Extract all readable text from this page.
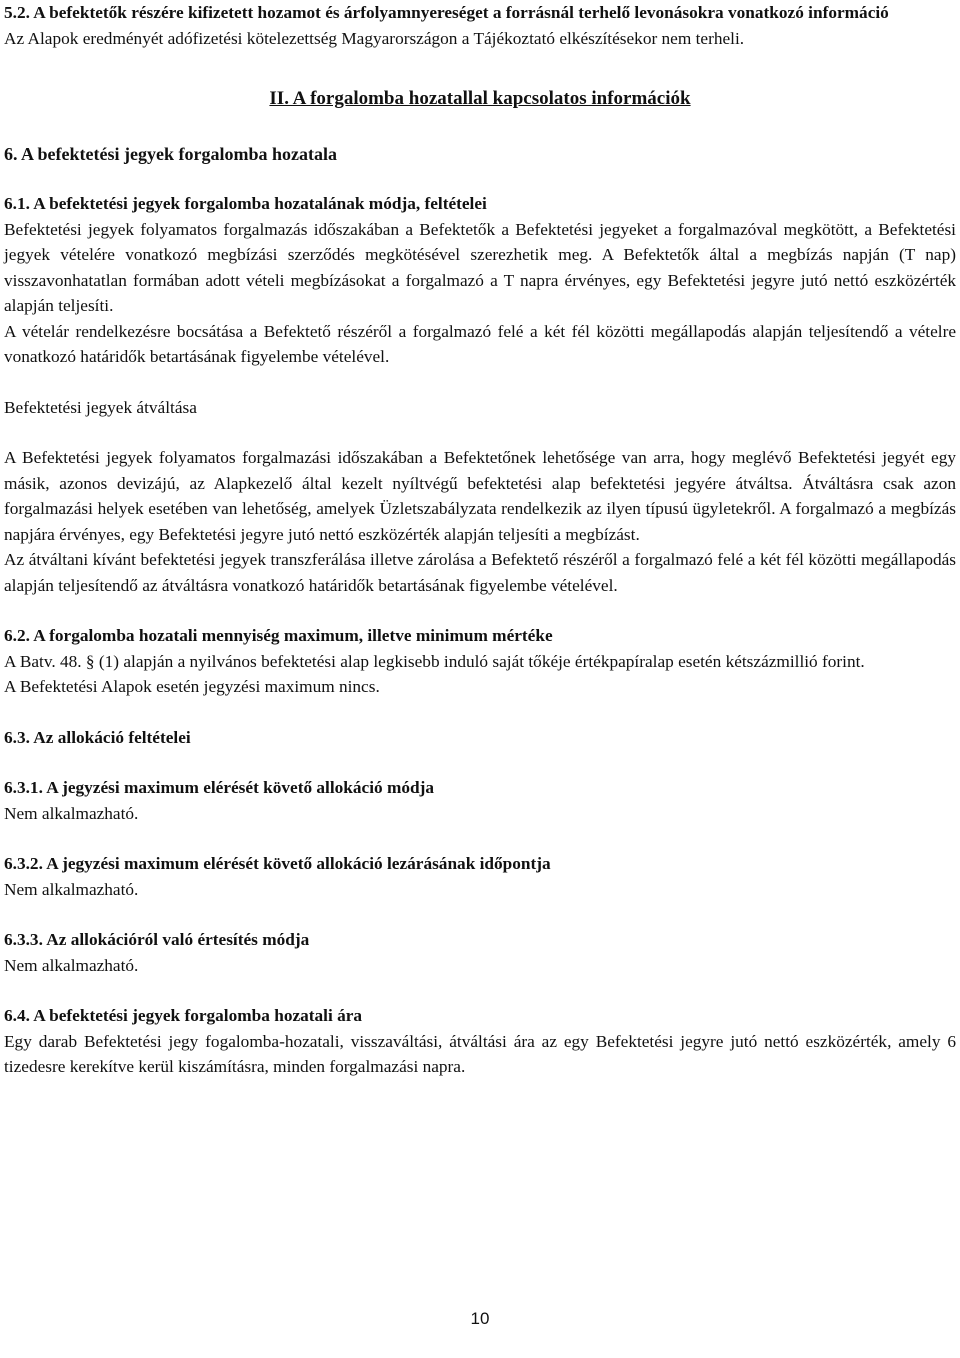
5.2. A befektetők részére kifizetett hozamot és árfolyamnyereséget a forrásnál terhelő levonásokra vonatkozó információ

Az Alapok eredményét adófizetési kötelezettség Magyarországon a Tájékoztató elkészítésekor nem terheli.

II. A forgalomba hozatallal kapcsolatos információk

6. A befektetési jegyek forgalomba hozatala

6.1. A befektetési jegyek forgalomba hozatalának módja, feltételei

Befektetési jegyek folyamatos forgalmazás időszakában a Befektetők a Befektetési jegyeket a forgalmazóval megkötött, a Befektetési jegyek vételére vonatkozó megbízási szerződés megkötésével szerezhetik meg. A Befektetők által a megbízás napján (T nap) visszavonhatatlan formában adott vételi megbízásokat a forgalmazó a T napra érvényes, egy Befektetési jegyre jutó nettó eszközérték alapján teljesíti.

A vételár rendelkezésre bocsátása a Befektető részéről a forgalmazó felé a két fél közötti megállapodás alapján teljesítendő a vételre vonatkozó határidők betartásának figyelembe vételével.

Befektetési jegyek átváltása

A Befektetési jegyek folyamatos forgalmazási időszakában a Befektetőnek lehetősége van arra, hogy meglévő Befektetési jegyét egy másik, azonos devizájú, az Alapkezelő által kezelt nyíltvégű befektetési alap befektetési jegyére átváltsa. Átváltásra csak azon forgalmazási helyek esetében van lehetőség, amelyek Üzletszabályzata rendelkezik az ilyen típusú ügyletekről. A forgalmazó a megbízás napjára érvényes, egy Befektetési jegyre jutó nettó eszközérték alapján teljesíti a megbízást.

Az átváltani kívánt befektetési jegyek transzferálása illetve zárolása a Befektető részéről a forgalmazó felé a két fél közötti megállapodás alapján teljesítendő az átváltásra vonatkozó határidők betartásának figyelembe vételével.

6.2. A forgalomba hozatali mennyiség maximum, illetve minimum mértéke

A Batv. 48. § (1) alapján a nyilvános befektetési alap legkisebb induló saját tőkéje értékpapíralap esetén kétszázmillió forint.

A Befektetési Alapok esetén jegyzési maximum nincs.

6.3. Az allokáció feltételei

6.3.1. A jegyzési maximum elérését követő allokáció módja

Nem alkalmazható.

6.3.2. A jegyzési maximum elérését követő allokáció lezárásának időpontja

Nem alkalmazható.

6.3.3. Az allokációról való értesítés módja

Nem alkalmazható.

6.4. A befektetési jegyek forgalomba hozatali ára

Egy darab Befektetési jegy fogalomba-hozatali, visszaváltási, átváltási ára az egy Befektetési jegyre jutó nettó eszközérték, amely 6 tizedesre kerekítve kerül kiszámításra, minden forgalmazási napra.

10
